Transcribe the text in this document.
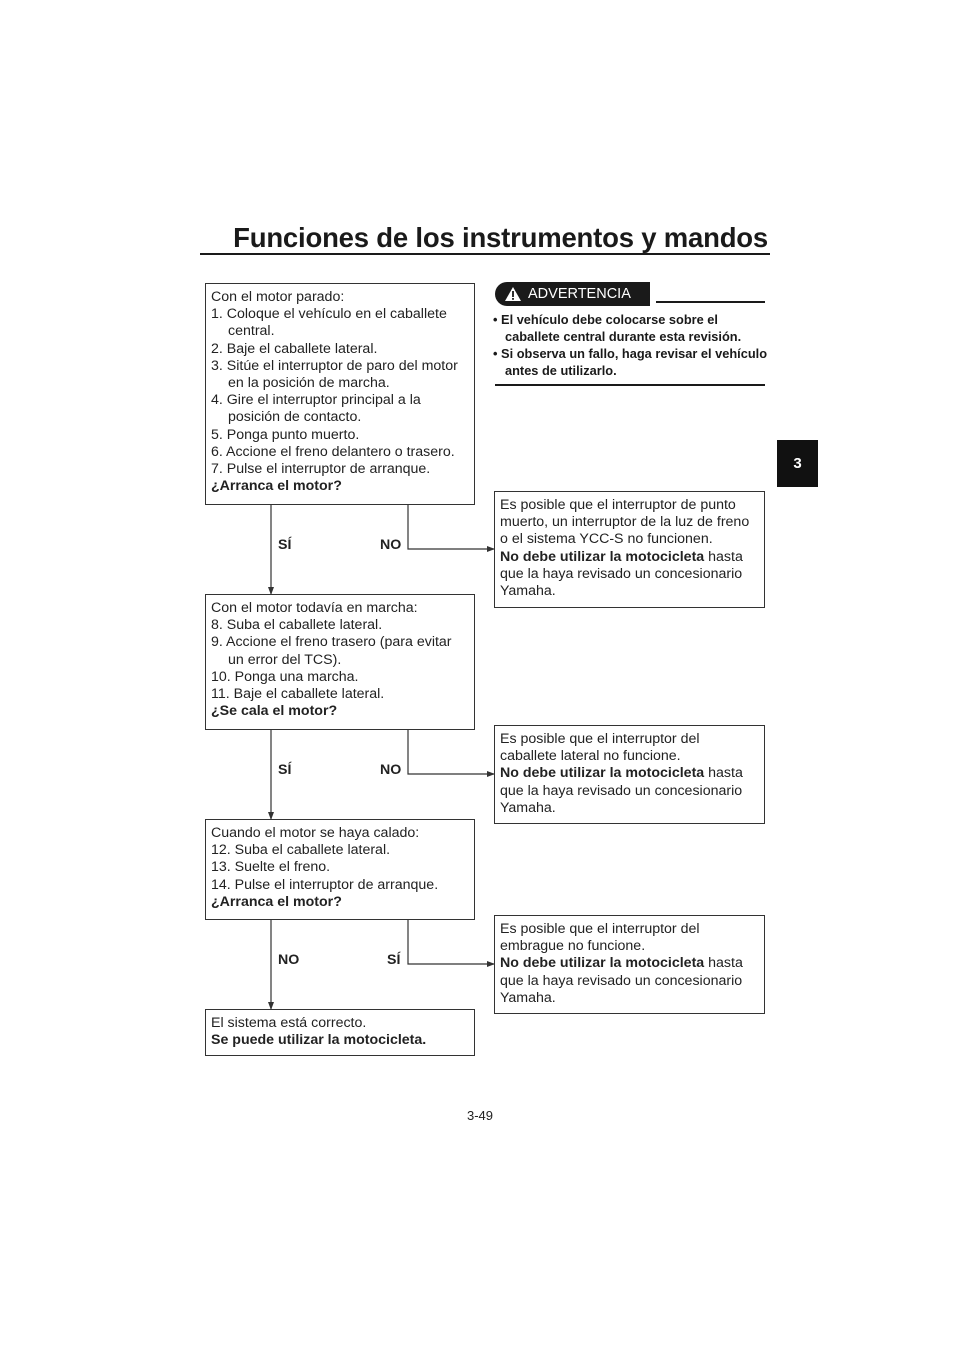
Funciones de los instrumentos y mandos
3
ADVERTENCIA
• El vehículo debe colocarse sobre el caballete central durante esta revisión.
• Si observa un fallo, haga revisar el vehículo antes de utilizarlo.
Con el motor parado:
1. Coloque el vehículo en el caballete central.
2. Baje el caballete lateral.
3. Sitúe el interruptor de paro del motor en la posición de marcha.
4. Gire el interruptor principal a la posición de contacto.
5. Ponga punto muerto.
6. Accione el freno delantero o trasero.
7. Pulse el interruptor de arranque.
¿Arranca el motor?
Es posible que el interruptor de punto muerto, un interruptor de la luz de freno o el sistema YCC-S no funcionen.
No debe utilizar la motocicleta hasta que la haya revisado un concesionario Yamaha.
SÍ	NO
Con el motor todavía en marcha:
8. Suba el caballete lateral.
9. Accione el freno trasero (para evitar un error del TCS).
10. Ponga una marcha.
11. Baje el caballete lateral.
¿Se cala el motor?
Es posible que el interruptor del caballete lateral no funcione.
No debe utilizar la motocicleta hasta que la haya revisado un concesionario Yamaha.
SÍ	NO
Cuando el motor se haya calado:
12. Suba el caballete lateral.
13. Suelte el freno.
14. Pulse el interruptor de arranque.
¿Arranca el motor?
Es posible que el interruptor del embrague no funcione.
No debe utilizar la motocicleta hasta que la haya revisado un concesionario Yamaha.
NO	SÍ
El sistema está correcto.
Se puede utilizar la motocicleta.
3-49
